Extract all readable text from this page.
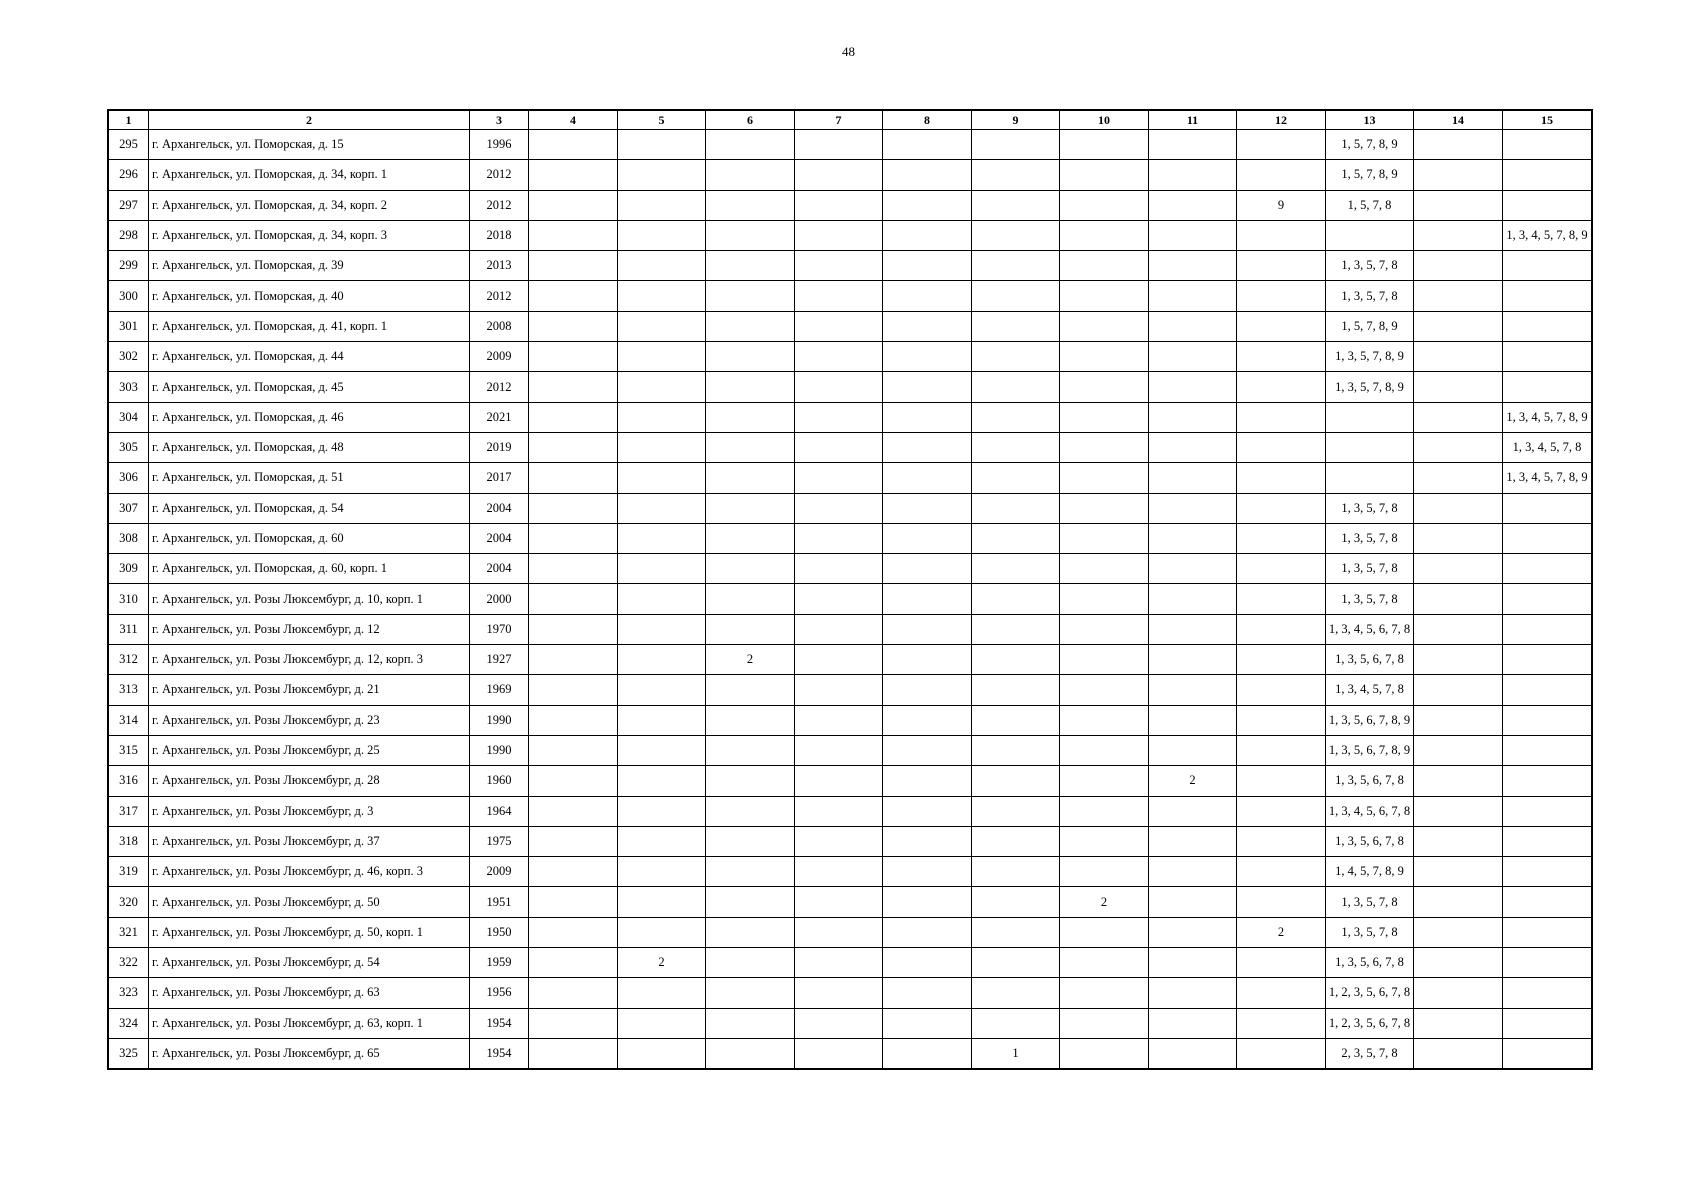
48
1	2	3	4	5	6	7	8	9	10	11	12	13	14	15
295	г. Архангельск, ул. Поморская, д. 15	1996										1, 5, 7, 8, 9		
296	г. Архангельск, ул. Поморская, д. 34, корп. 1	2012										1, 5, 7, 8, 9		
297	г. Архангельск, ул. Поморская, д. 34, корп. 2	2012									9	1, 5, 7, 8		
298	г. Архангельск, ул. Поморская, д. 34, корп. 3	2018												1, 3, 4, 5, 7, 8, 9
299	г. Архангельск, ул. Поморская, д. 39	2013										1, 3, 5, 7, 8		
300	г. Архангельск, ул. Поморская, д. 40	2012										1, 3, 5, 7, 8		
301	г. Архангельск, ул. Поморская, д. 41, корп. 1	2008										1, 5, 7, 8, 9		
302	г. Архангельск, ул. Поморская, д. 44	2009										1, 3, 5, 7, 8, 9		
303	г. Архангельск, ул. Поморская, д. 45	2012										1, 3, 5, 7, 8, 9		
304	г. Архангельск, ул. Поморская, д. 46	2021												1, 3, 4, 5, 7, 8, 9
305	г. Архангельск, ул. Поморская, д. 48	2019												1, 3, 4, 5, 7, 8
306	г. Архангельск, ул. Поморская, д. 51	2017												1, 3, 4, 5, 7, 8, 9
307	г. Архангельск, ул. Поморская, д. 54	2004										1, 3, 5, 7, 8		
308	г. Архангельск, ул. Поморская, д. 60	2004										1, 3, 5, 7, 8		
309	г. Архангельск, ул. Поморская, д. 60, корп. 1	2004										1, 3, 5, 7, 8		
310	г. Архангельск, ул. Розы Люксембург, д. 10, корп. 1	2000										1, 3, 5, 7, 8		
311	г. Архангельск, ул. Розы Люксембург, д. 12	1970										1, 3, 4, 5, 6, 7, 8		
312	г. Архангельск, ул. Розы Люксембург, д. 12, корп. 3	1927			2							1, 3, 5, 6, 7, 8		
313	г. Архангельск, ул. Розы Люксембург, д. 21	1969										1, 3, 4, 5, 7, 8		
314	г. Архангельск, ул. Розы Люксембург, д. 23	1990										1, 3, 5, 6, 7, 8, 9		
315	г. Архангельск, ул. Розы Люксембург, д. 25	1990										1, 3, 5, 6, 7, 8, 9		
316	г. Архангельск, ул. Розы Люксембург, д. 28	1960								2		1, 3, 5, 6, 7, 8		
317	г. Архангельск, ул. Розы Люксембург, д. 3	1964										1, 3, 4, 5, 6, 7, 8		
318	г. Архангельск, ул. Розы Люксембург, д. 37	1975										1, 3, 5, 6, 7, 8		
319	г. Архангельск, ул. Розы Люксембург, д. 46, корп. 3	2009										1, 4, 5, 7, 8, 9		
320	г. Архангельск, ул. Розы Люксембург, д. 50	1951							2			1, 3, 5, 7, 8		
321	г. Архангельск, ул. Розы Люксембург, д. 50, корп. 1	1950									2	1, 3, 5, 7, 8		
322	г. Архангельск, ул. Розы Люксембург, д. 54	1959		2								1, 3, 5, 6, 7, 8		
323	г. Архангельск, ул. Розы Люксембург, д. 63	1956										1, 2, 3, 5, 6, 7, 8		
324	г. Архангельск, ул. Розы Люксембург, д. 63, корп. 1	1954										1, 2, 3, 5, 6, 7, 8		
325	г. Архангельск, ул. Розы Люксембург, д. 65	1954						1				2, 3, 5, 7, 8		
